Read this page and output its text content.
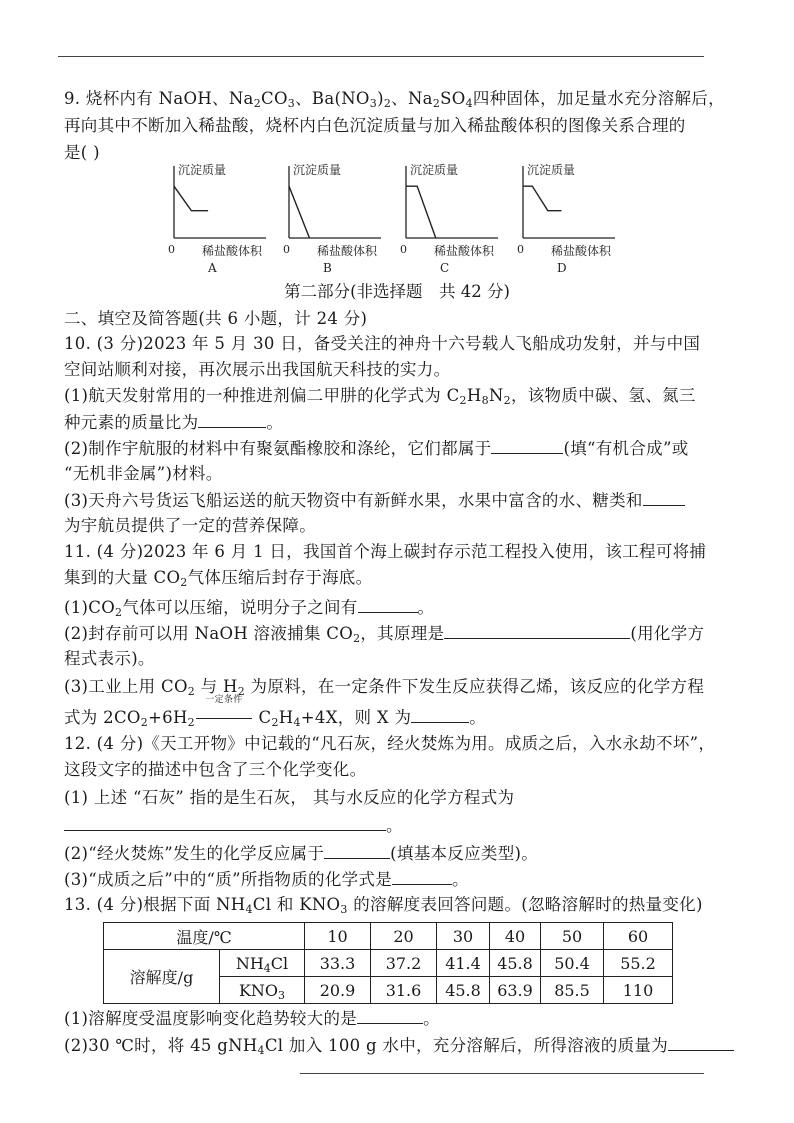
9. 烧杯内有 NaOH、$Na_2CO_3$、$Ba(NO_3)_2$、$Na_2SO_4$四种固体，加足量水充分溶解后，
再向其中不断加入稀盐酸，烧杯内白色沉淀质量与加入稀盐酸体积的图像关系合理的
是( )
沉淀质量
0 稀盐酸体积
A
沉淀质量
0 稀盐酸体积
B
沉淀质量
0 稀盐酸体积
C
沉淀质量
0 稀盐酸体积
D
第二部分(非选择题　共 42 分)
二、填空及简答题(共 6 小题，计 24 分)
10. (3 分)2023 年 5 月 30 日，备受关注的神舟十六号载人飞船成功发射，并与中国
空间站顺利对接，再次展示出我国航天科技的实力。
(1)航天发射常用的一种推进剂偏二甲肼的化学式为 $C_2H_8N_2$，该物质中碳、氢、氮三
种元素的质量比为	。
(2)制作宇航服的材料中有聚氨酯橡胶和涤纶，它们都属于	(填“有机合成”或
“无机非金属”)材料。
(3)天舟六号货运飞船运送的航天物资中有新鲜水果，水果中富含的水、糖类和
为宇航员提供了一定的营养保障。
11. (4 分)2023 年 6 月 1 日，我国首个海上碳封存示范工程投入使用，该工程可将捕
集到的大量 $CO_2$气体压缩后封存于海底。
$(1)CO_2$气体可以压缩，说明分子之间有	。
(2)封存前可以用 NaOH 溶液捕集 $CO_2$，其原理是	(用化学方
程式表示)。
(3)工业上用 $CO_2$ 与 $H_2$ 为原料，在一定条件下发生反应获得乙烯，该反应的化学方程
式为 $2CO_2+6H_2$
一定条件
$C_2H_4+4X$，则 X 为	。
12. (4 分)《天工开物》中记载的“凡石灰，经火焚炼为用。成质之后，入水永劫不坏”，
这段文字的描述中包含了三个化学变化。
(1) 上述 “石灰” 指的是生石灰， 其与水反应的化学方程式为
。
(2)“经火焚炼”发生的化学反应属于	(填基本反应类型)。
(3)“成质之后”中的“质”所指物质的化学式是	。
13. (4 分)根据下面 $NH_4Cl$ 和 $KNO_3$ 的溶解度表回答问题。(忽略溶解时的热量变化)
温度/℃		10	20	30	40	50	60
溶解度/g	$NH_4Cl$	33.3	37.2	41.4	45.8	50.4	55.2
	$KNO_3$	20.9	31.6	45.8	63.9	85.5	110
(1)溶解度受温度影响变化趋势较大的是	。
(2)30 ℃时，将 45 gNH$_4$Cl 加入 100 g 水中，充分溶解后，所得溶液的质量为
